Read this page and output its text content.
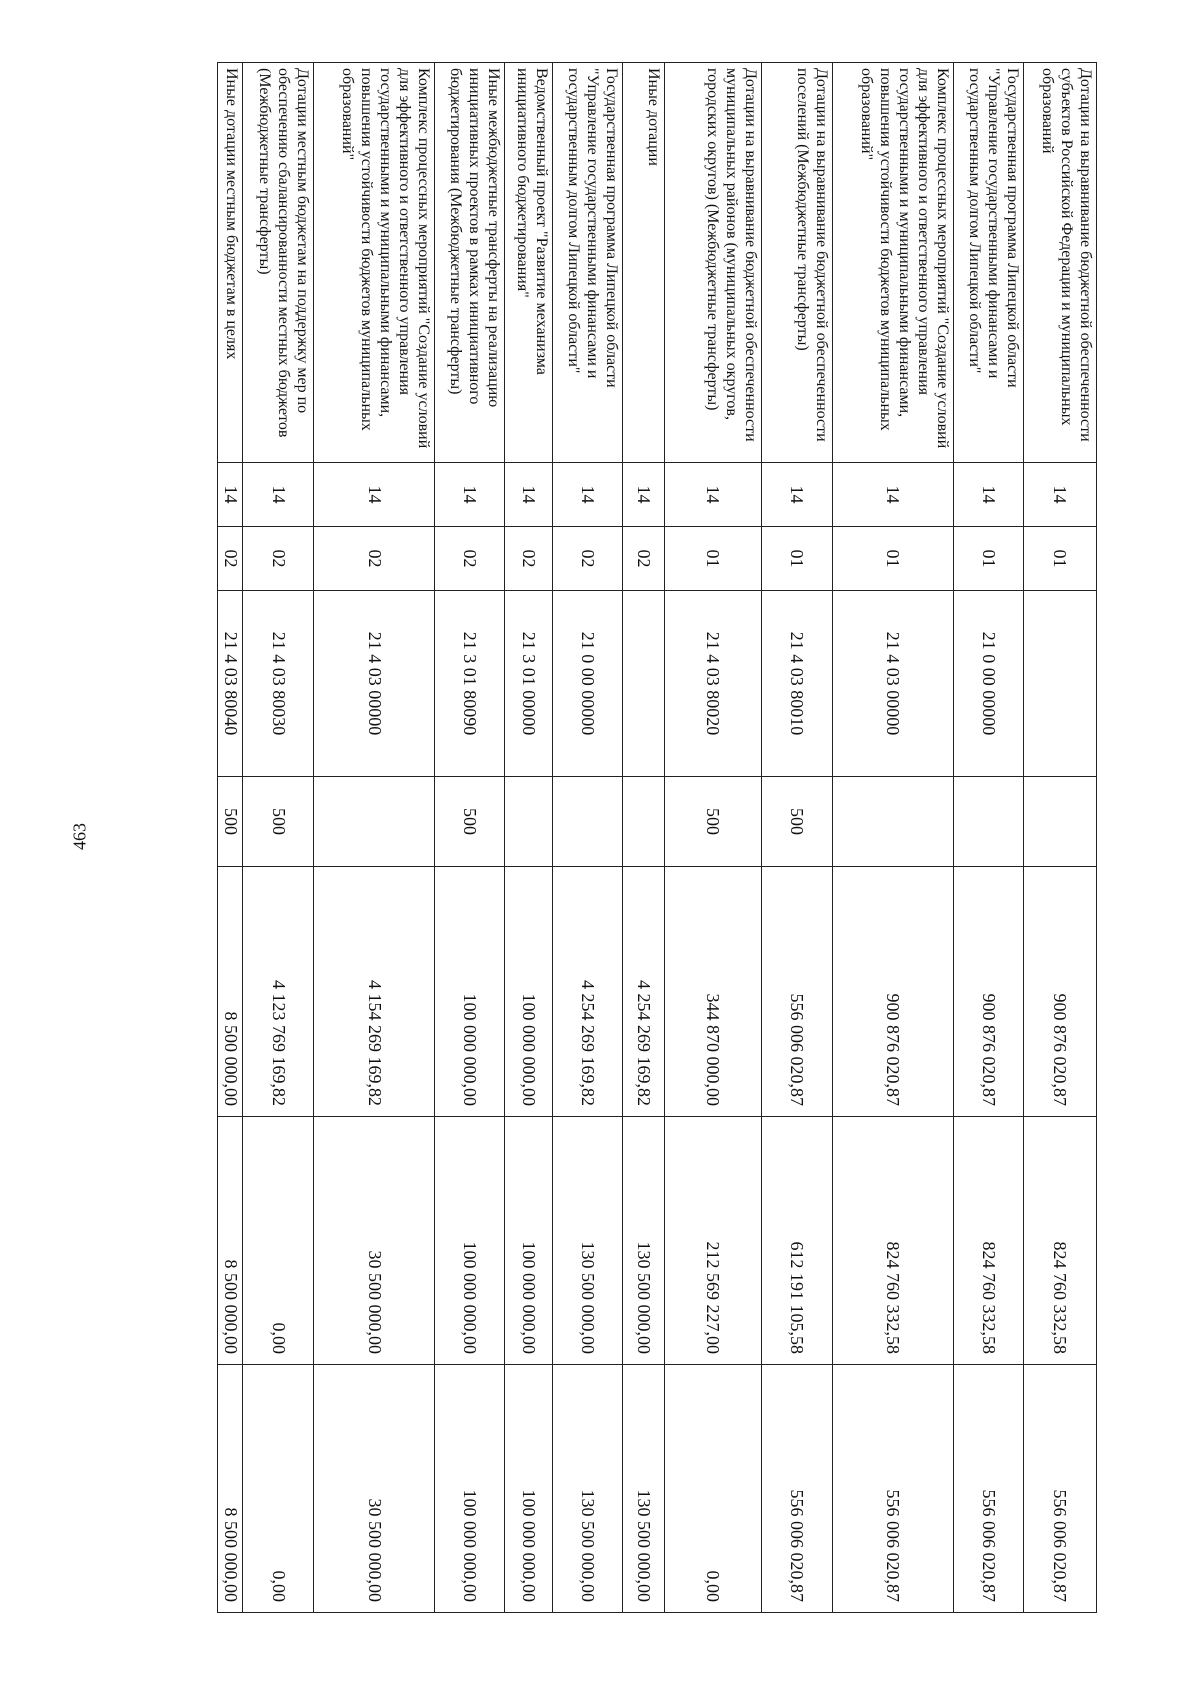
463
Дотации на выравнивание бюджетной обеспеченности субъектов Российской Федерации и муниципальных образований	14	01			900 876 020,87	824 760 332,58	556 006 020,87
Государственная программа Липецкой области "Управление государственными финансами и государственным долгом Липецкой области"	14	01	21 0 00 00000		900 876 020,87	824 760 332,58	556 006 020,87
Комплекс процессных мероприятий "Создание условий для эффективного и ответственного управления государственными и муниципальными финансами, повышения устойчивости бюджетов муниципальных образований"	14	01	21 4 03 00000		900 876 020,87	824 760 332,58	556 006 020,87
Дотации на выравнивание бюджетной обеспеченности поселений (Межбюджетные трансферты)	14	01	21 4 03 80010	500	556 006 020,87	612 191 105,58	556 006 020,87
Дотации на выравнивание бюджетной обеспеченности муниципальных районов (муниципальных округов, городских округов) (Межбюджетные трансферты)	14	01	21 4 03 80020	500	344 870 000,00	212 569 227,00	0,00
Иные дотации	14	02			4 254 269 169,82	130 500 000,00	130 500 000,00
Государственная программа Липецкой области "Управление государственными финансами и государственным долгом Липецкой области"	14	02	21 0 00 00000		4 254 269 169,82	130 500 000,00	130 500 000,00
Ведомственный проект "Развитие механизма инициативного бюджетирования"	14	02	21 3 01 00000		100 000 000,00	100 000 000,00	100 000 000,00
Иные межбюджетные трансферты на реализацию инициативных проектов в рамках инициативного бюджетирования (Межбюджетные трансферты)	14	02	21 3 01 80090	500	100 000 000,00	100 000 000,00	100 000 000,00
Комплекс процессных мероприятий "Создание условий для эффективного и ответственного управления государственными и муниципальными финансами, повышения устойчивости бюджетов муниципальных образований"	14	02	21 4 03 00000		4 154 269 169,82	30 500 000,00	30 500 000,00
Дотации местным бюджетам на поддержку мер по обеспечению сбалансированности местных бюджетов (Межбюджетные трансферты)	14	02	21 4 03 80030	500	4 123 769 169,82	0,00	0,00
Иные дотации местным бюджетам в целях	14	02	21 4 03 80040	500	8 500 000,00	8 500 000,00	8 500 000,00
